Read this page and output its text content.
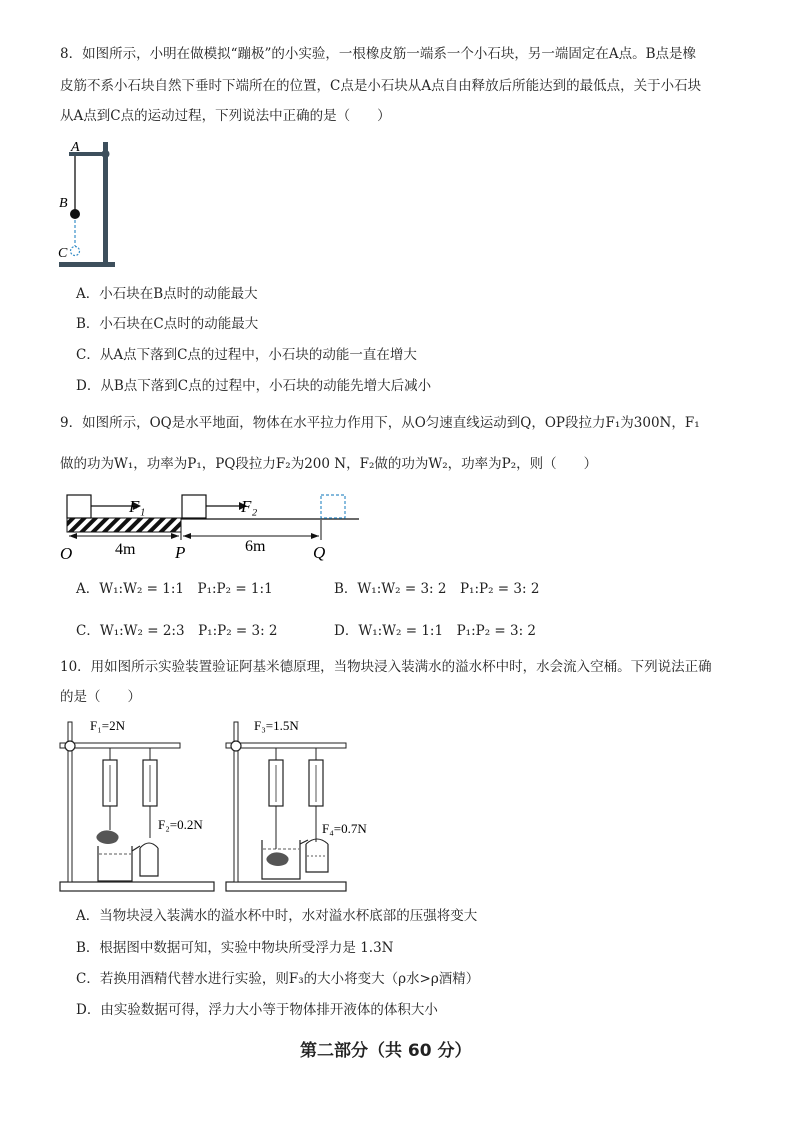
8．如图所示，小明在做模拟“蹦极”的小实验，一根橡皮筋一端系一个小石块，另一端固定在A点。B点是橡
皮筋不系小石块自然下垂时下端所在的位置，C点是小石块从A点自由释放后所能达到的最低点，关于小石块
从A点到C点的运动过程，下列说法中正确的是（　　）
A
B
C
A．小石块在B点时的动能最大
B．小石块在C点时的动能最大
C．从A点下落到C点的过程中，小石块的动能一直在增大
D．从B点下落到C点的过程中，小石块的动能先增大后减小
9．如图所示，OQ是水平地面，物体在水平拉力作用下，从O匀速直线运动到Q，OP段拉力F₁为300N，F₁
做的功为W₁，功率为P₁，PQ段拉力F₂为200 N，F₂做的功为W₂，功率为P₂，则（　　）
F₁	F₂
4m	6m
O	P	Q
A．W₁:W₂ = 1:1　P₁:P₂ = 1:1	B．W₁:W₂ = 3: 2　P₁:P₂ = 3: 2
C．W₁:W₂ = 2:3　P₁:P₂ = 3: 2	D．W₁:W₂ = 1:1　P₁:P₂ = 3: 2
10．用如图所示实验装置验证阿基米德原理，当物块浸入装满水的溢水杯中时，水会流入空桶。下列说法正确
的是（　　）
F₁=2N
F₂=0.2N
F₃=1.5N
F₄=0.7N
A．当物块浸入装满水的溢水杯中时，水对溢水杯底部的压强将变大
B．根据图中数据可知，实验中物块所受浮力是 1.3N
C．若换用酒精代替水进行实验，则F₃的大小将变大（ρ水>ρ酒精）
D．由实验数据可得，浮力大小等于物体排开液体的体积大小
第二部分（共 60 分）
